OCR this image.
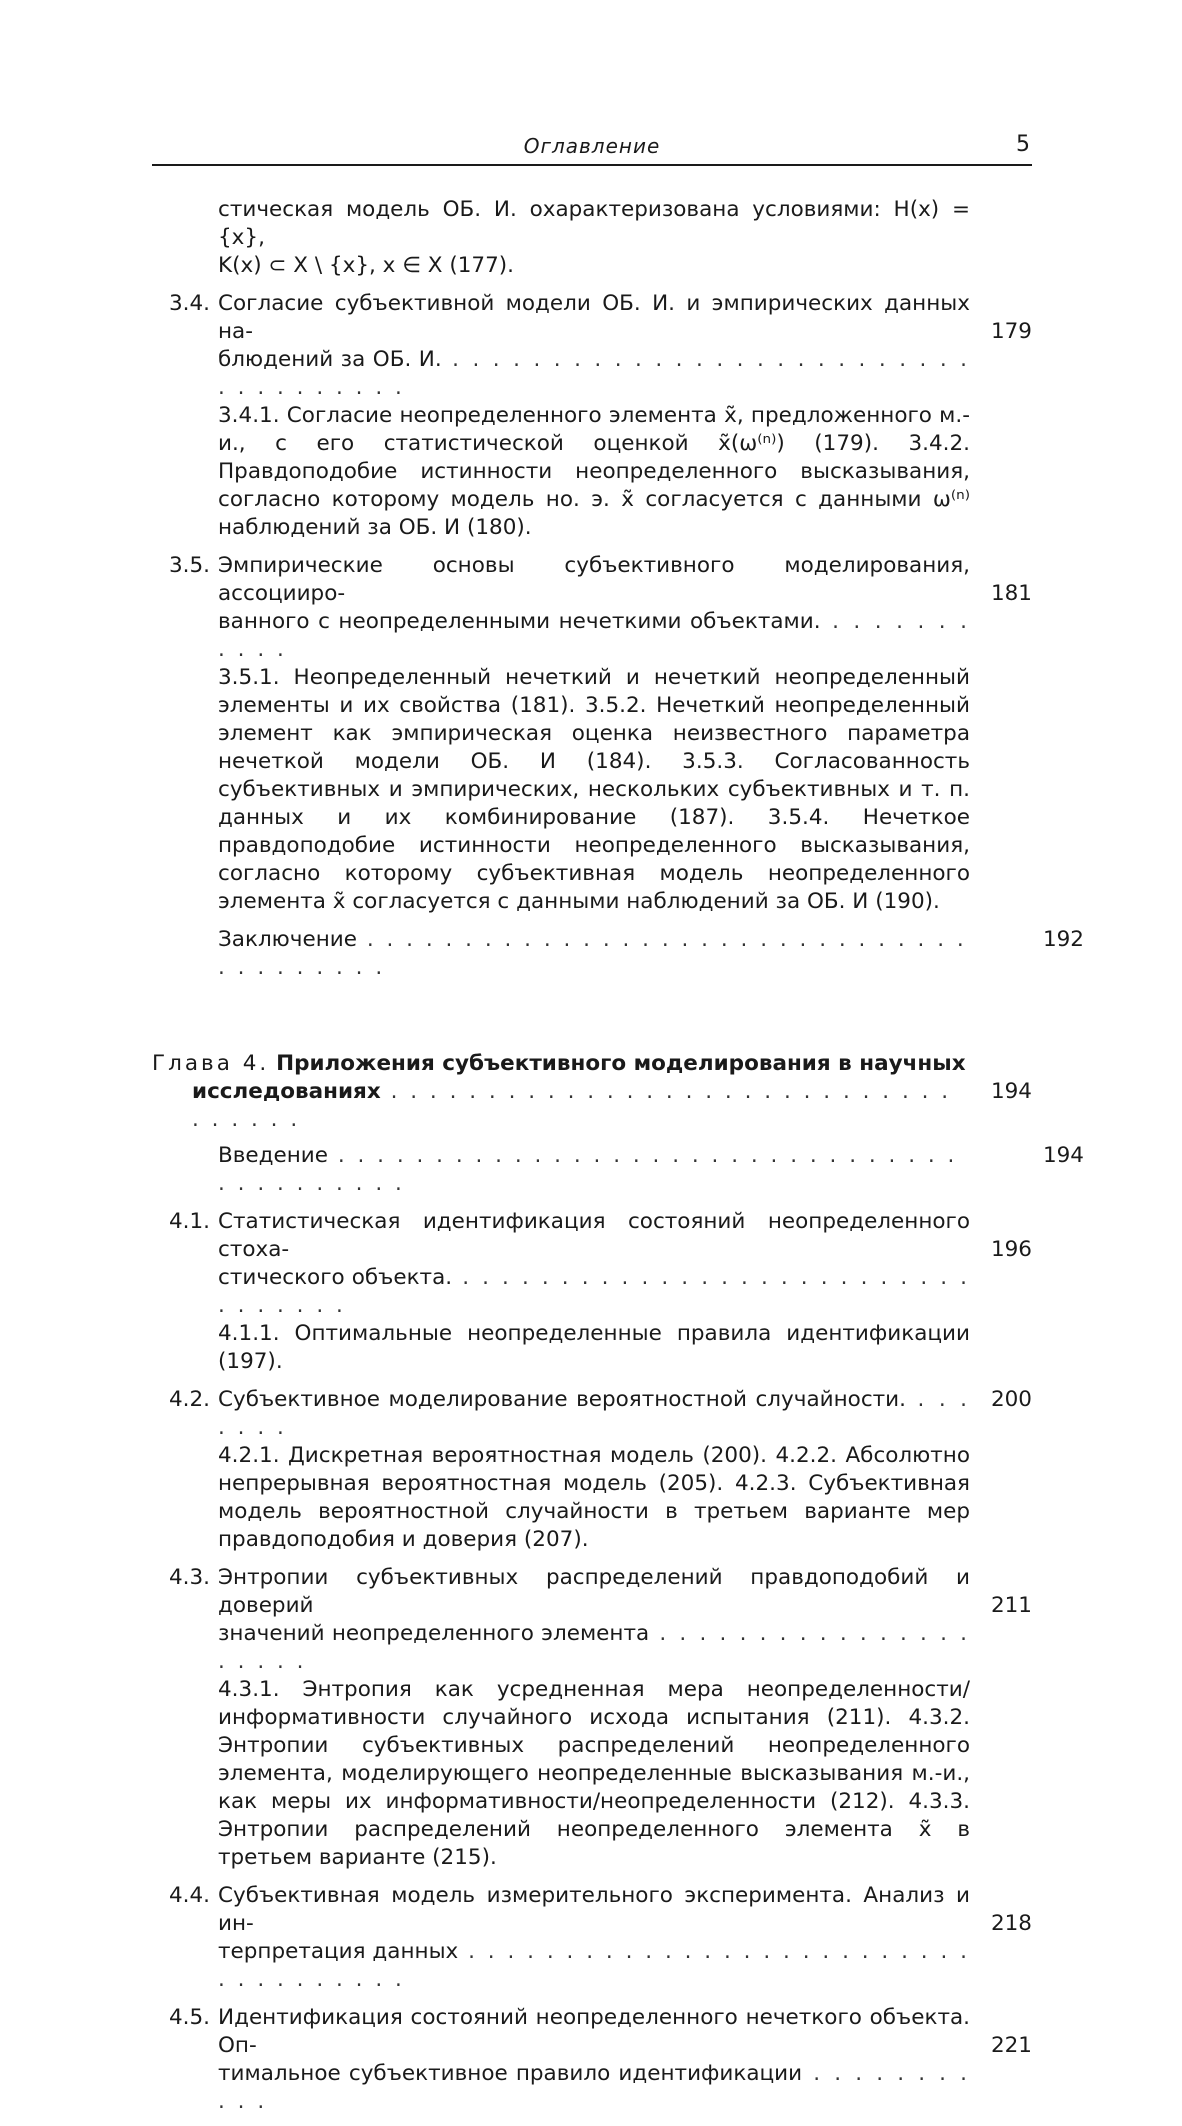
Оглавление	5
стическая модель ОБ. И. охарактеризована условиями: H(x) = {x},
K(x) ⊂ X \ {x}, x ∈ X (177).
3.4. Согласие субъективной модели ОБ. И. и эмпирических данных на-
блюдений за ОБ. И. . . . . . . . . . . . . . . . . . . . . . . . . . . . . . . . . . . . .
3.4.1. Согласие неопределенного элемента x̃, предложенного м.-и., с его статистической оценкой x̃(ω⁽ⁿ⁾) (179). 3.4.2. Правдоподобие истинности неопределенного высказывания, согласно которому модель но. э. x̃ согласуется с данными ω⁽ⁿ⁾ наблюдений за ОБ. И (180).
179
3.5. Эмпирические основы субъективного моделирования, ассоцииро-
ванного с неопределенными нечеткими объектами. . . . . . . . . . . .
3.5.1. Неопределенный нечеткий и нечеткий неопределенный элементы и их свойства (181). 3.5.2. Нечеткий неопределенный элемент как эмпирическая оценка неизвестного параметра нечеткой модели ОБ. И (184). 3.5.3. Согласованность субъективных и эмпирических, нескольких субъективных и т. п. данных и их комбинирование (187). 3.5.4. Нечеткое правдоподобие истинности неопределенного высказывания, согласно которому субъективная модель неопределенного элемента x̃ согласуется с данными наблюдений за ОБ. И (190).
181
Заключение . . . . . . . . . . . . . . . . . . . . . . . . . . . . . . . . . . . . . . . .
192
Глава 4. Приложения субъективного моделирования в научных
исследованиях . . . . . . . . . . . . . . . . . . . . . . . . . . . . . . . . . . .
194
Введение . . . . . . . . . . . . . . . . . . . . . . . . . . . . . . . . . . . . . . . . . .
194
4.1. Статистическая идентификация состояний неопределенного стоха-
стического объекта. . . . . . . . . . . . . . . . . . . . . . . . . . . . . . . . . .
4.1.1. Оптимальные неопределенные правила идентификации (197).
196
4.2. Субъективное моделирование вероятностной случайности. . . . . . . .
4.2.1. Дискретная вероятностная модель (200). 4.2.2. Абсолютно непрерывная вероятностная модель (205). 4.2.3. Субъективная модель вероятностной случайности в третьем варианте мер правдоподобия и доверия (207).
200
4.3. Энтропии субъективных распределений правдоподобий и доверий
значений неопределенного элемента . . . . . . . . . . . . . . . . . . . . .
4.3.1. Энтропия как усредненная мера неопределенности/информативности случайного исхода испытания (211). 4.3.2. Энтропии субъективных распределений неопределенного элемента, моделирующего неопределенные высказывания м.-и., как меры их информативности/неопределенности (212). 4.3.3. Энтропии распределений неопределенного элемента x̃ в третьем варианте (215).
211
4.4. Субъективная модель измерительного эксперимента. Анализ и ин-
терпретация данных . . . . . . . . . . . . . . . . . . . . . . . . . . . . . . . . . . . .
218
4.5. Идентификация состояний неопределенного нечеткого объекта. Оп-
тимальное субъективное правило идентификации . . . . . . . . . . .
221
